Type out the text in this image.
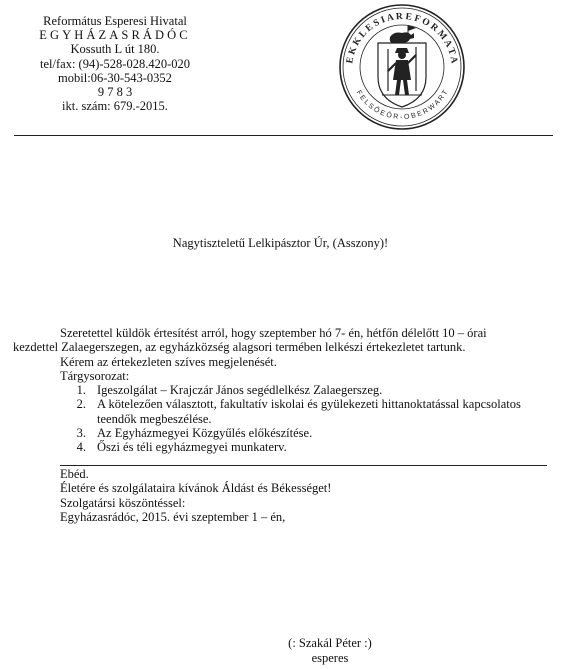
Református Esperesi Hivatal
EGYHÁZASRÁDÓC
Kossuth L út 180.
tel/fax: (94)-528-028.420-020
mobil:06-30-543-0352
9 7 8 3
ikt. szám: 679.-2015.
E K K L E S I A R E F O R M A T A
F E L S Ő E Ö R - O B E R W A R T
Nagytiszteletű Lelkipásztor Úr, (Asszony)!

Szeretettel küldök értesítést arról, hogy szeptember hó 7- én, hétfőn délelőtt 10 – órai

kezdettel Zalaegerszegen, az egyházközség alagsori termében lelkészi értekezletet tartunk.

Kérem az értekezleten szíves megjelenését.

Tárgysorozat:

1. Igeszolgálat – Krajczár János segédlelkész Zalaegerszeg.
2. A kötelezően választott, fakultatív iskolai és gyülekezeti hittanoktatással kapcsolatos teendők megbeszélése.
3. Az Egyházmegyei Közgyűlés előkészítése.
4. Őszi és téli egyházmegyei munkaterv.

Ebéd.

Életére és szolgálataira kívánok Áldást és Békességet!

Szolgatársi köszöntéssel:

Egyházasrádóc, 2015. évi szeptember 1 – én,

(: Szakál Péter :)
esperes
